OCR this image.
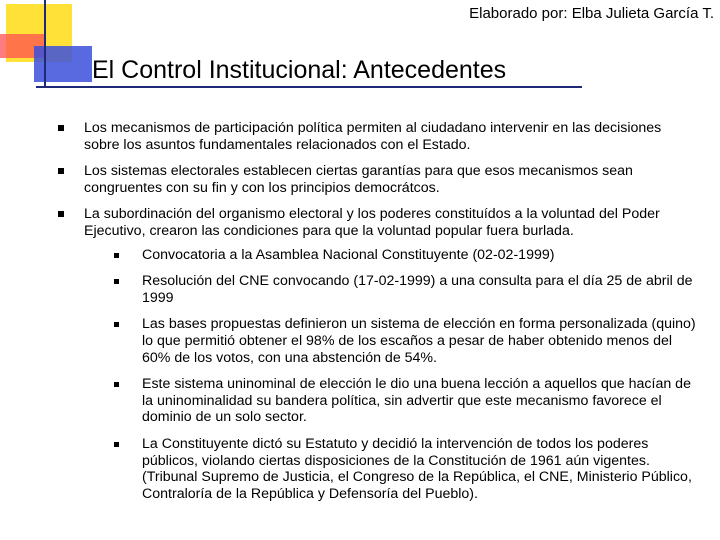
Elaborado por: Elba Julieta García T.
El Control Institucional: Antecedentes
Los mecanismos de participación política permiten al ciudadano intervenir en las decisiones sobre los asuntos fundamentales relacionados con el Estado.
Los sistemas electorales establecen ciertas garantías para que esos mecanismos sean congruentes con su fin y con los principios democrátcos.
La subordinación del organismo electoral y los poderes constituídos a la voluntad del Poder Ejecutivo, crearon las condiciones para que la voluntad popular fuera burlada.
Convocatoria a la Asamblea Nacional Constituyente (02-02-1999)
Resolución del CNE convocando (17-02-1999) a una consulta para el día 25 de abril de 1999
Las bases propuestas definieron un sistema de elección en forma personalizada (quino) lo que permitió obtener el 98% de los escaños a pesar de haber obtenido menos del 60% de los votos, con una abstención de 54%.
Este sistema uninominal de elección le dio una buena lección a aquellos que hacían de la uninominalidad su bandera política, sin advertir que este mecanismo favorece el dominio de un solo sector.
La Constituyente dictó su Estatuto y decidió la intervención de todos los poderes públicos, violando ciertas disposiciones de la Constitución de 1961 aún vigentes. (Tribunal Supremo de Justicia, el Congreso de la República, el CNE, Ministerio Público, Contraloría de la República y Defensoría del Pueblo).
